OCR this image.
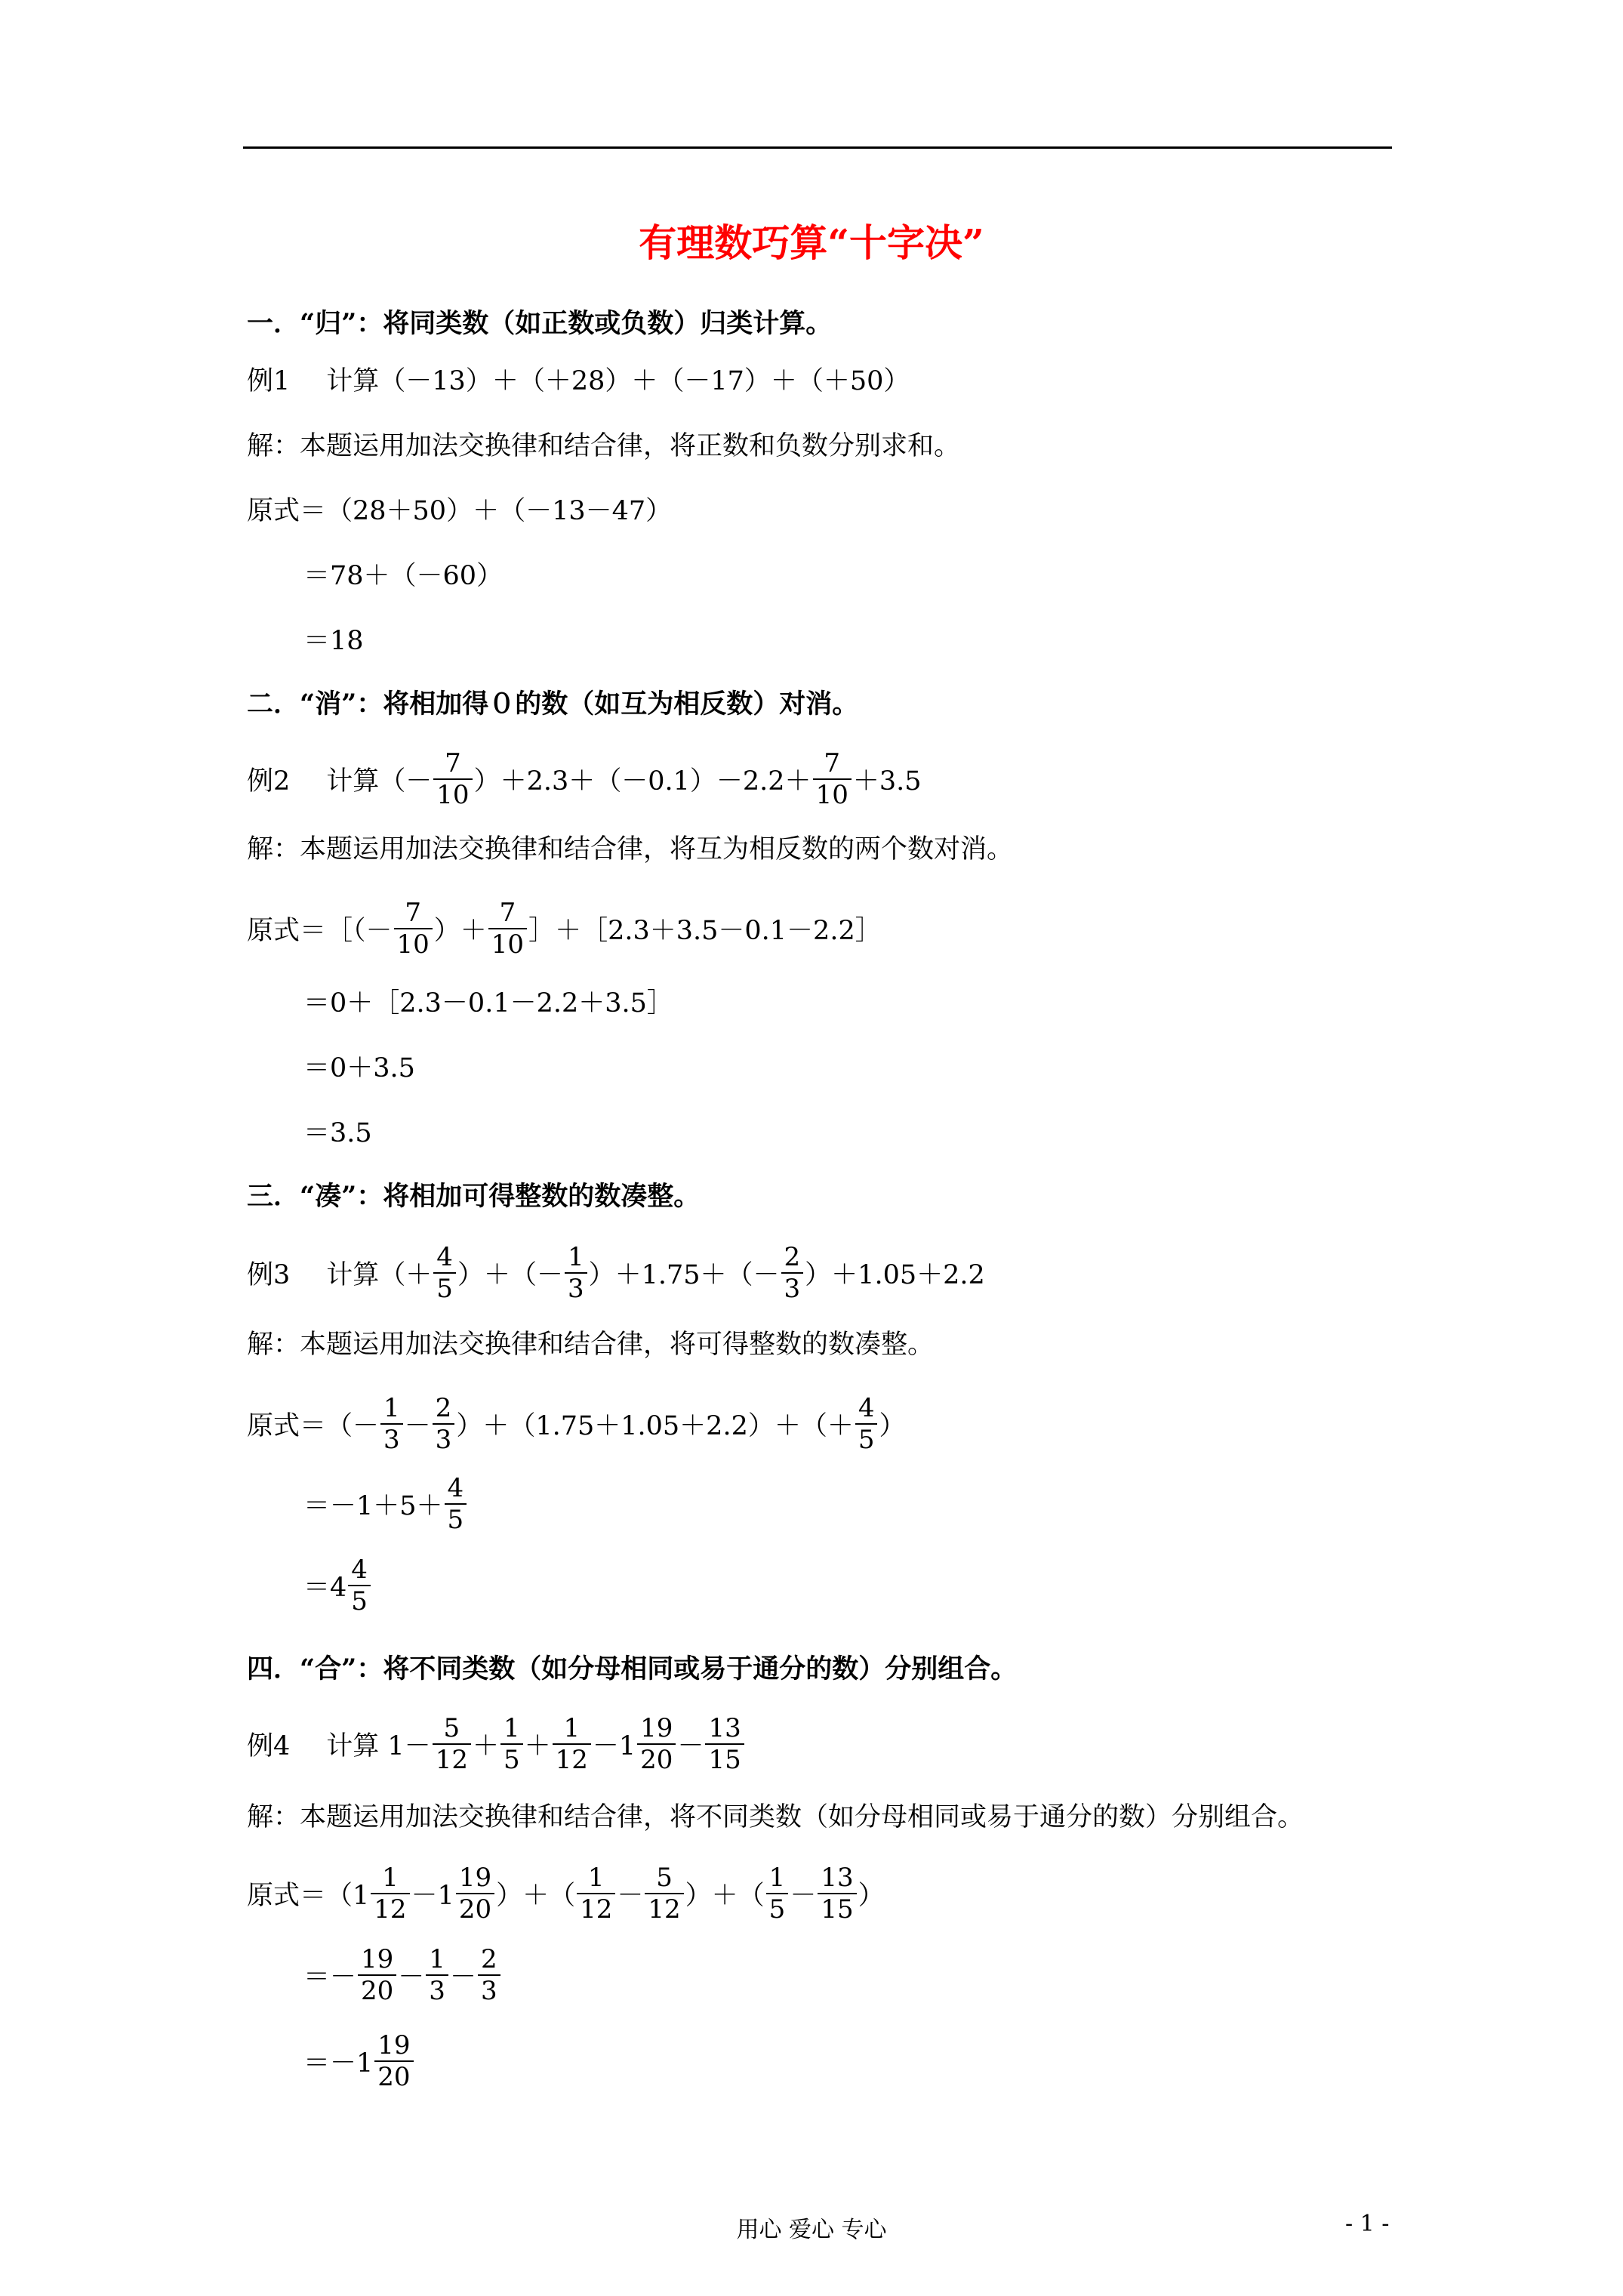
有理数巧算“十字决”
一．“归”：将同类数（如正数或负数）归类计算。
例1 计算（－13）＋（＋28）＋（－17）＋（＋50）
解：本题运用加法交换律和结合律，将正数和负数分别求和。
原式＝（28＋50）＋（－13－47）
＝78＋（－60）
＝18
二．“消”：将相加得０的数（如互为相反数）对消。
例2 计算（－ $\frac{7}{10} )+2.3+(-0.1)-2.2+ \frac{7}{10} +3.5$
解：本题运用加法交换律和结合律，将互为相反数的两个数对消。
原式＝［（－ $\frac{7}{10}$ ）＋ $\frac{7}{10}$ ］＋［2.3＋3.5－0.1－2.2］
＝0＋［2.3－0.1－2.2＋3.5］
＝0＋3.5
＝3.5
三．“凑”：将相加可得整数的数凑整。
例3 计算（＋ $\frac{4}{5}$ ）＋（－ $\frac{1}{3} )+1.75+(- \frac{2}{3} )+1.05+2.2$
解：本题运用加法交换律和结合律，将可得整数的数凑整。
原式＝（－ $\frac{1}{3} - \frac{2}{3} )+(1.75+1.05+2.2)+(+ \frac{4}{5}$ ）
$=-1+5+ \frac{4}{5}$
$=4 \frac{4}{5}$
四．“合”：将不同类数（如分母相同或易于通分的数）分别组合。
例4 计算 $1- \frac{5}{12} + \frac{1}{5} + \frac{1}{12} -1 \frac{19}{20} - \frac{13}{15}$
解：本题运用加法交换律和结合律，将不同类数（如分母相同或易于通分的数）分别组合。
原式$=(1 \frac{1}{12} -1 \frac{19}{20}$ ）＋（ $\frac{1}{12} - \frac{5}{12}$ ）＋（ $\frac{1}{5} - \frac{13}{15}$ ）
＝－ $\frac{19}{20} - \frac{1}{3} - \frac{2}{3}$
$=-1 \frac{19}{20}$
用心 爱心 专心	- 1 -
